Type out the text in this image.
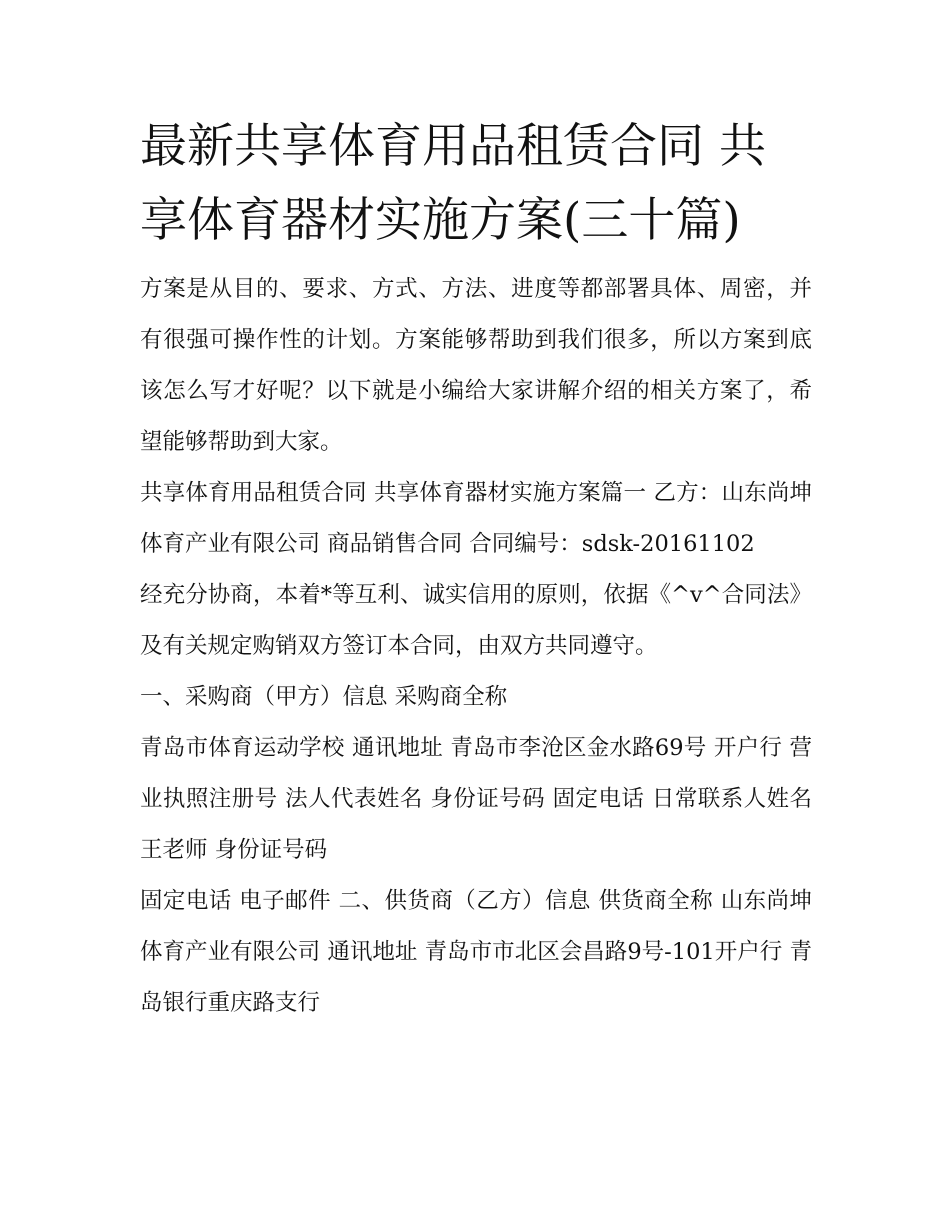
最新共享体育用品租赁合同 共享体育器材实施方案(三十篇)

方案是从目的、要求、方式、方法、进度等都部署具体、周密，并有很强可操作性的计划。方案能够帮助到我们很多，所以方案到底该怎么写才好呢？以下就是小编给大家讲解介绍的相关方案了，希望能够帮助到大家。

共享体育用品租赁合同 共享体育器材实施方案篇一 乙方：山东尚坤体育产业有限公司 商品销售合同 合同编号：sdsk-20161102

经充分协商，本着*等互利、诚实信用的原则，依据《^v^合同法》及有关规定购销双方签订本合同，由双方共同遵守。

一、采购商（甲方）信息 采购商全称

青岛市体育运动学校 通讯地址 青岛市李沧区金水路69号 开户行 营业执照注册号 法人代表姓名 身份证号码 固定电话 日常联系人姓名 王老师 身份证号码

固定电话 电子邮件 二、供货商（乙方）信息 供货商全称 山东尚坤体育产业有限公司 通讯地址 青岛市市北区会昌路9号-101开户行 青岛银行重庆路支行
